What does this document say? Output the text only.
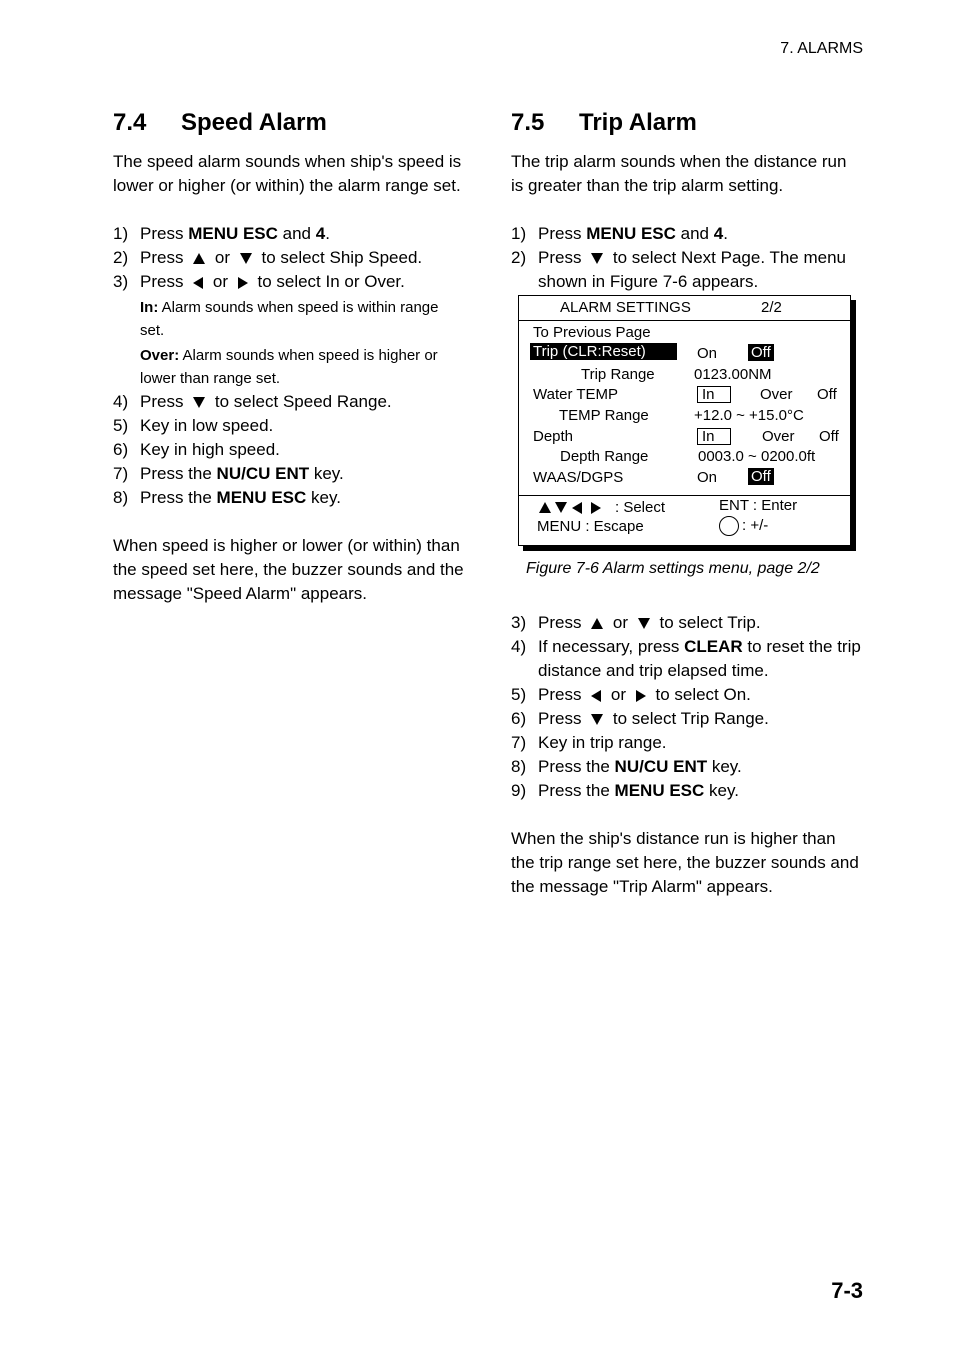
7. ALARMS
7-3
7.4	Speed Alarm

The speed alarm sounds when ship's speed is lower or higher (or within) the alarm range set.

1) Press MENU ESC and 4.
2) Press  or  to select Ship Speed.
3) Press  or  to select In or Over.

In: Alarm sounds when speed is within range set.

Over: Alarm sounds when speed is higher or lower than range set.

4) Press  to select Speed Range.
5) Key in low speed.
6) Key in high speed.
7) Press the NU/CU ENT key.
8) Press the MENU ESC key.

When speed is higher or lower (or within) than the speed set here, the buzzer sounds and the message "Speed Alarm" appears.

7.5	Trip Alarm

The trip alarm sounds when the distance run is greater than the trip alarm setting.

1) Press MENU ESC and 4.
2) Press  to select Next Page. The menu shown in Figure 7-6 appears.
3) Press  or  to select Trip.
4) If necessary, press CLEAR to reset the trip distance and trip elapsed time.
5) Press  or  to select On.
6) Press  to select Trip Range.
7) Key in trip range.
8) Press the NU/CU ENT key.
9) Press the MENU ESC key.

When the ship's distance run is higher than the trip range set here, the buzzer sounds and the message "Trip Alarm" appears.

ALARM SETTINGS	2/2
To Previous Page
Trip (CLR:Reset)	On Off
Trip Range	0123.00NM
Water TEMP	In	Over Off
TEMP Range	+12.0 ~ +15.0°C
Depth	In	Over Off
Depth Range	0003.0 ~ 0200.0ft
WAAS/DGPS	On Off
: Select	ENT : Enter
MENU : Escape	: +/-
Figure 7-6 Alarm settings menu, page 2/2
